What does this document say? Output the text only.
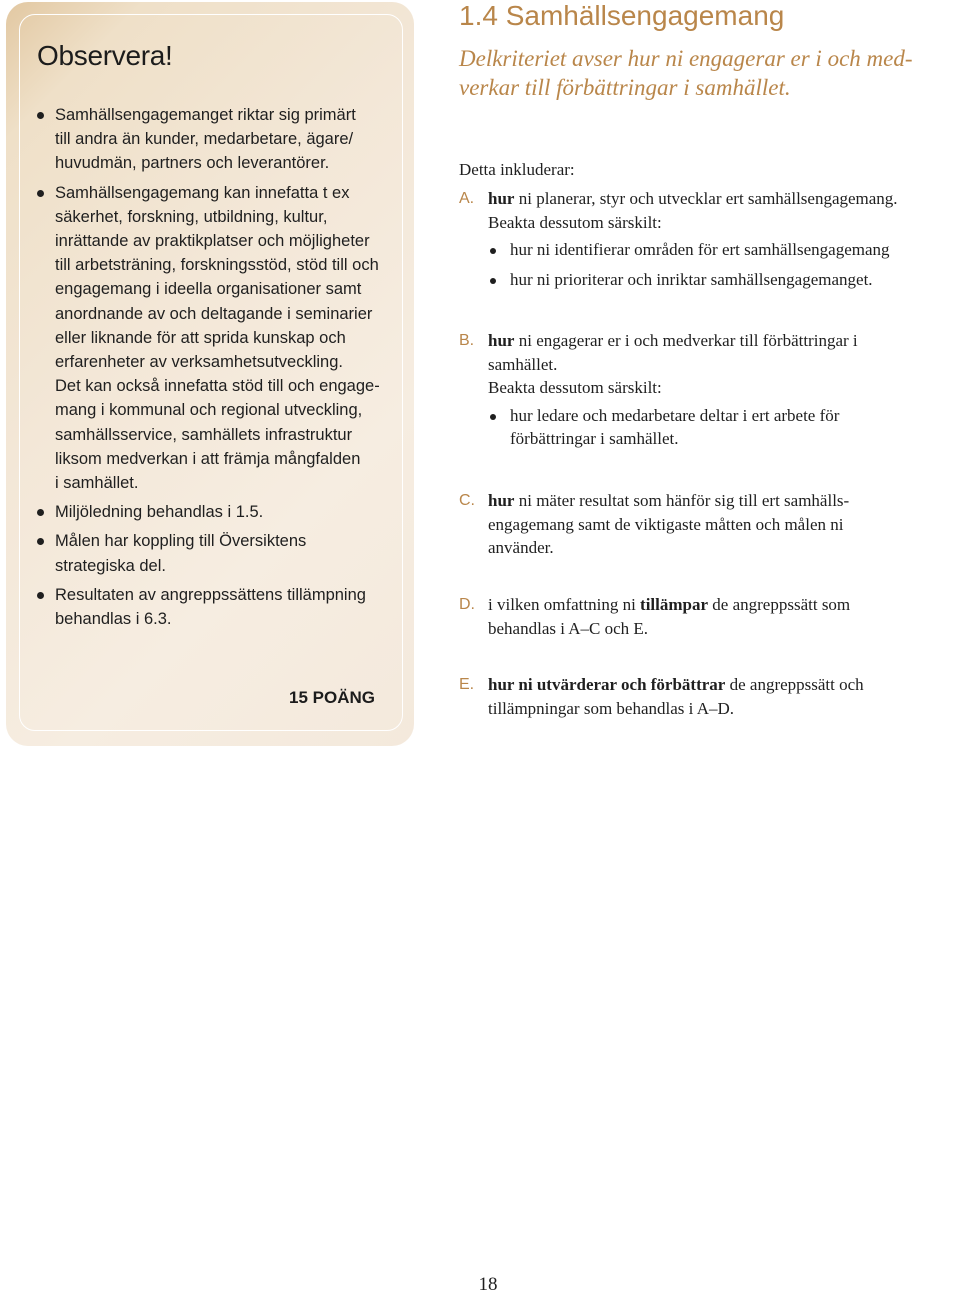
Observera!
Samhällsengagemanget riktar sig primärt
till andra än kunder, medarbetare, ägare/
huvudmän, partners och leverantörer.
Samhällsengagemang kan innefatta t ex
säkerhet, forskning, utbildning, kultur,
inrättande av praktikplatser och möjligheter
till arbetsträning, forskningsstöd, stöd till och
engagemang i ideella organisationer samt
anordnande av och deltagande i seminarier
eller liknande för att sprida kunskap och
erfarenheter av verksamhetsutveckling.
Det kan också innefatta stöd till och engage-
mang i kommunal och regional utveckling,
samhällsservice, samhällets infrastruktur
liksom medverkan i att främja mångfalden
i samhället.
Miljöledning behandlas i 1.5.
Målen har koppling till Översiktens
strategiska del.
Resultaten av angreppssättens tillämpning
behandlas i 6.3.

15 POÄNG

1.4 Samhällsengagemang

Delkriteriet avser hur ni engagerar er i och med-
verkar till förbättringar i samhället.

Detta inkluderar:

A. hur ni planerar, styr och utvecklar ert samhällsengagemang.
Beakta dessutom särskilt:
hur ni identifierar områden för ert samhällsengagemang
hur ni prioriterar och inriktar samhällsengagemanget.
B. hur ni engagerar er i och medverkar till förbättringar i
samhället.
Beakta dessutom särskilt:
hur ledare och medarbetare deltar i ert arbete för
förbättringar i samhället.
C. hur ni mäter resultat som hänför sig till ert samhälls-
engagemang samt de viktigaste måtten och målen ni
använder.
D. i vilken omfattning ni tillämpar de angreppssätt som
behandlas i A–C och E.
E. hur ni utvärderar och förbättrar de angreppssätt och
tillämpningar som behandlas i A–D.

18
